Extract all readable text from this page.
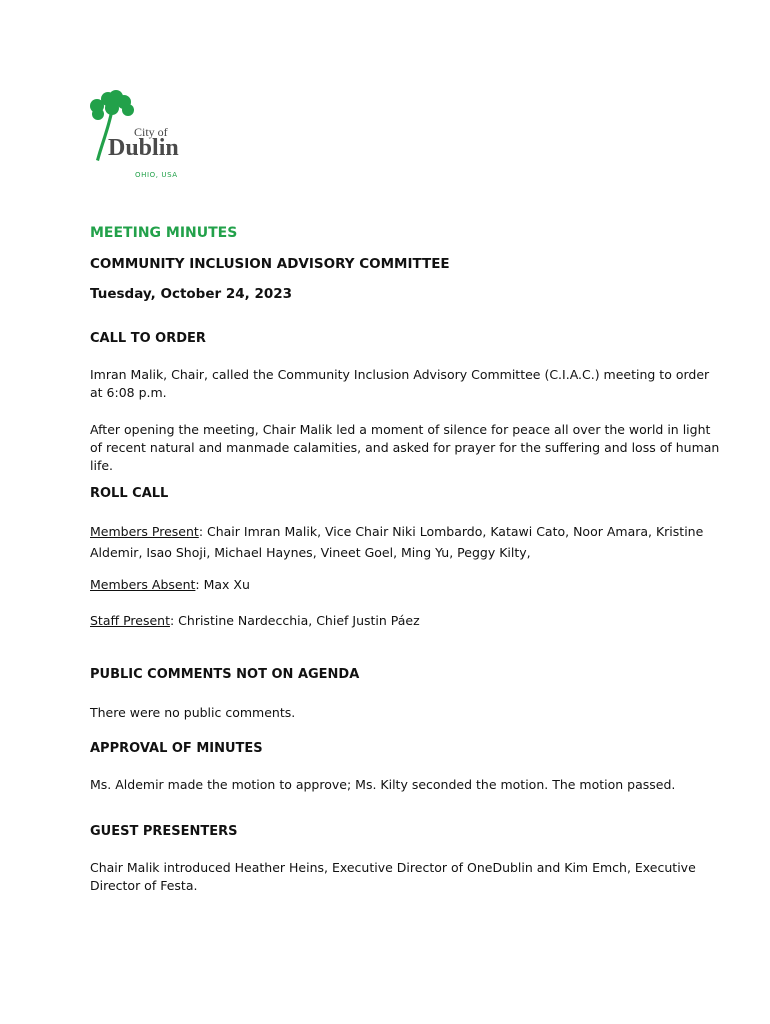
City of
Dublin
OHIO, USA
MEETING MINUTES
COMMUNITY INCLUSION ADVISORY COMMITTEE
Tuesday, October 24, 2023
CALL TO ORDER

Imran Malik, Chair, called the Community Inclusion Advisory Committee (C.I.A.C.) meeting to order at 6:08 p.m.

After opening the meeting, Chair Malik led a moment of silence for peace all over the world in light of recent natural and manmade calamities, and asked for prayer for the suffering and loss of human life.

ROLL CALL

Members Present: Chair Imran Malik, Vice Chair Niki Lombardo, Katawi Cato, Noor Amara, Kristine Aldemir, Isao Shoji, Michael Haynes, Vineet Goel, Ming Yu, Peggy Kilty,

Members Absent: Max Xu

Staff Present: Christine Nardecchia, Chief Justin Páez

PUBLIC COMMENTS NOT ON AGENDA

There were no public comments.

APPROVAL OF MINUTES

Ms. Aldemir made the motion to approve; Ms. Kilty seconded the motion. The motion passed.

GUEST PRESENTERS

Chair Malik introduced Heather Heins, Executive Director of OneDublin and Kim Emch, Executive Director of Festa.
